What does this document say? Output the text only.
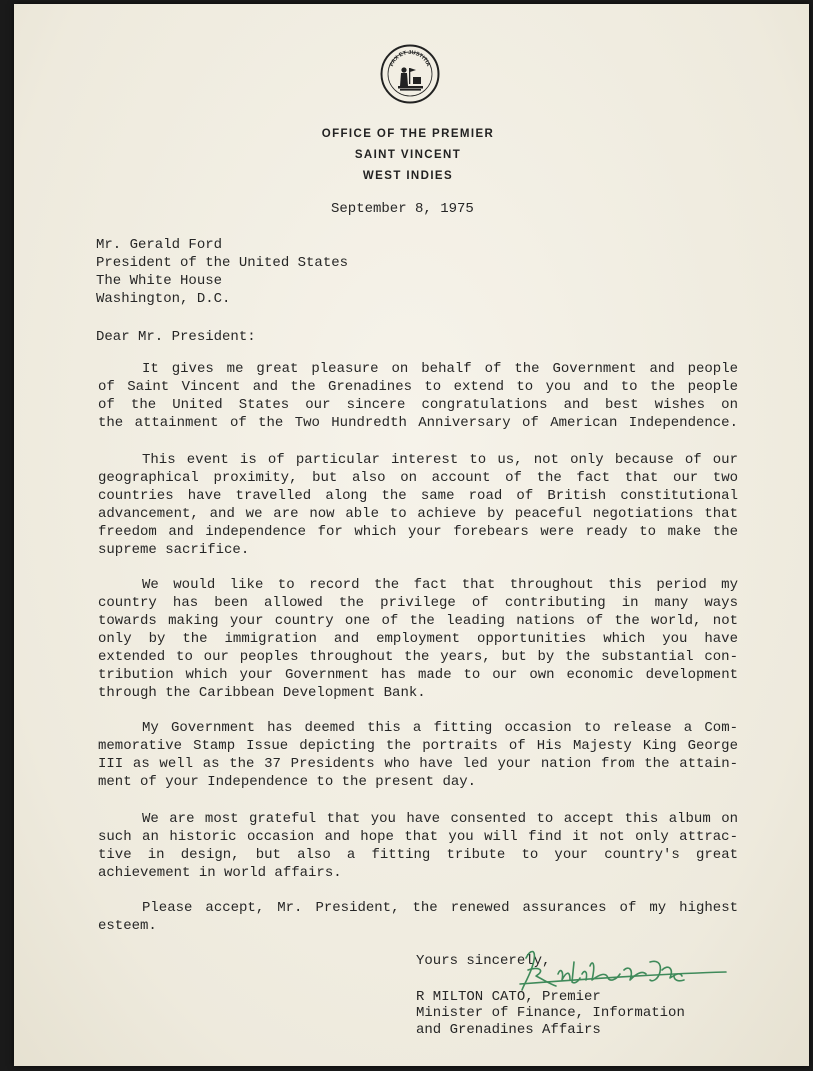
PAX ET JUSTITIA
OFFICE OF THE PREMIER
SAINT VINCENT
WEST INDIES
September 8, 1975
Mr. Gerald Ford
President of the United States
The White House
Washington, D.C.
Dear Mr. President:
It gives me great pleasure on behalf of the Government and people
of Saint Vincent and the Grenadines to extend to you and to the people
of the United States our sincere congratulations and best wishes on
the attainment of the Two Hundredth Anniversary of American Independence.
This event is of particular interest to us, not only because of our
geographical proximity, but also on account of the fact that our two
countries have travelled along the same road of British constitutional
advancement, and we are now able to achieve by peaceful negotiations that
freedom and independence for which your forebears were ready to make the
supreme sacrifice.
We would like to record the fact that throughout this period my
country has been allowed the privilege of contributing in many ways
towards making your country one of the leading nations of the world, not
only by the immigration and employment opportunities which you have
extended to our peoples throughout the years, but by the substantial con-
tribution which your Government has made to our own economic development
through the Caribbean Development Bank.
My Government has deemed this a fitting occasion to release a Com-
memorative Stamp Issue depicting the portraits of His Majesty King George
III as well as the 37 Presidents who have led your nation from the attain-
ment of your Independence to the present day.
We are most grateful that you have consented to accept this album on
such an historic occasion and hope that you will find it not only attrac-
tive in design, but also a fitting tribute to your country's great
achievement in world affairs.
Please accept, Mr. President, the renewed assurances of my highest
esteem.
Yours sincerely,
R MILTON CATO, Premier
Minister of Finance, Information
and Grenadines Affairs
